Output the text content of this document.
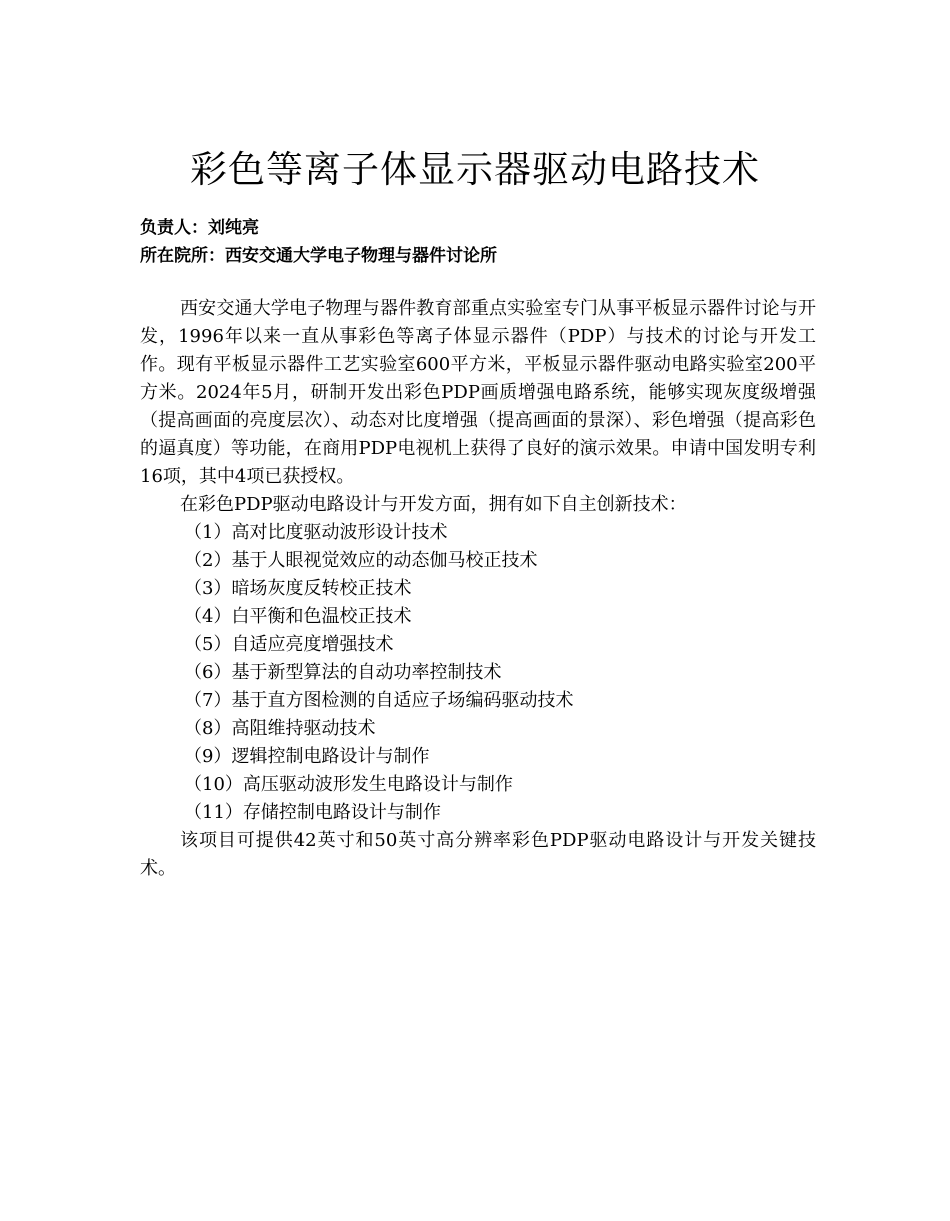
彩色等离子体显示器驱动电路技术
负责人：刘纯亮
所在院所：西安交通大学电子物理与器件讨论所

西安交通大学电子物理与器件教育部重点实验室专门从事平板显示器件讨论与开发，1996年以来一直从事彩色等离子体显示器件（PDP）与技术的讨论与开发工作。现有平板显示器件工艺实验室600平方米，平板显示器件驱动电路实验室200平方米。2024年5月，研制开发出彩色PDP画质增强电路系统，能够实现灰度级增强（提高画面的亮度层次）、动态对比度增强（提高画面的景深）、彩色增强（提高彩色的逼真度）等功能，在商用PDP电视机上获得了良好的演示效果。申请中国发明专利16项，其中4项已获授权。

在彩色PDP驱动电路设计与开发方面，拥有如下自主创新技术：

（1）高对比度驱动波形设计技术
（2）基于人眼视觉效应的动态伽马校正技术
（3）暗场灰度反转校正技术
（4）白平衡和色温校正技术
（5）自适应亮度增强技术
（6）基于新型算法的自动功率控制技术
（7）基于直方图检测的自适应子场编码驱动技术
（8）高阻维持驱动技术
（9）逻辑控制电路设计与制作
（10）高压驱动波形发生电路设计与制作
（11）存储控制电路设计与制作

该项目可提供42英寸和50英寸高分辨率彩色PDP驱动电路设计与开发关键技术。
